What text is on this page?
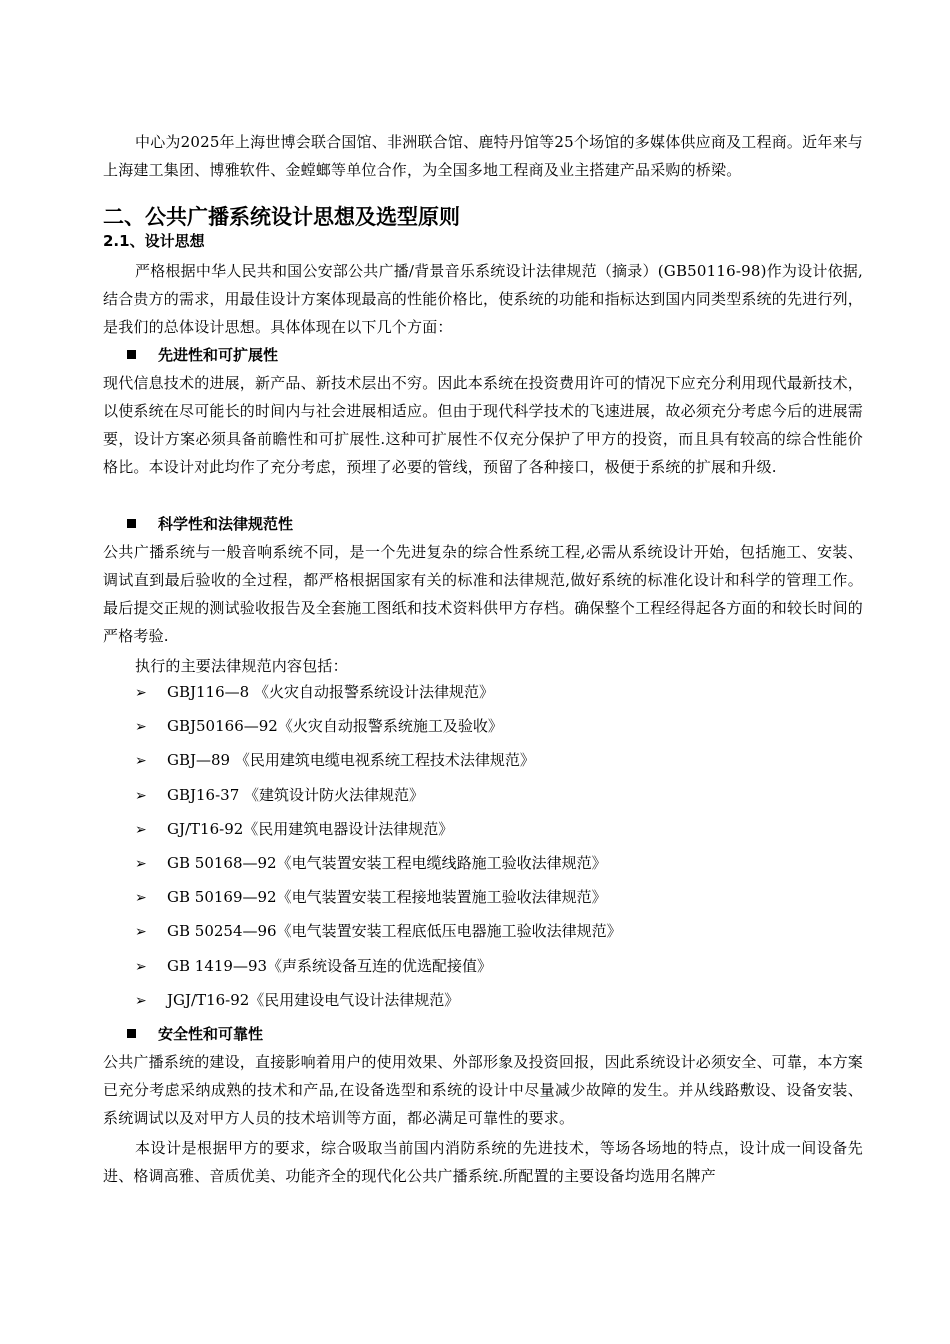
中心为2025年上海世博会联合国馆、非洲联合馆、鹿特丹馆等25个场馆的多媒体供应商及工程商。近年来与上海建工集团、博雅软件、金螳螂等单位合作，为全国多地工程商及业主搭建产品采购的桥梁。
二、公共广播系统设计思想及选型原则
2.1、设计思想
严格根据中华人民共和国公安部公共广播/背景音乐系统设计法律规范（摘录）(GB50116-98)作为设计依据,结合贵方的需求，用最佳设计方案体现最高的性能价格比，使系统的功能和指标达到国内同类型系统的先进行列，是我们的总体设计思想。具体体现在以下几个方面：
先进性和可扩展性
现代信息技术的进展，新产品、新技术层出不穷。因此本系统在投资费用许可的情况下应充分利用现代最新技术，以使系统在尽可能长的时间内与社会进展相适应。但由于现代科学技术的飞速进展，故必须充分考虑今后的进展需要，设计方案必须具备前瞻性和可扩展性.这种可扩展性不仅充分保护了甲方的投资，而且具有较高的综合性能价格比。本设计对此均作了充分考虑，预埋了必要的管线，预留了各种接口，极便于系统的扩展和升级.
科学性和法律规范性
公共广播系统与一般音响系统不同，是一个先进复杂的综合性系统工程,必需从系统设计开始，包括施工、安装、调试直到最后验收的全过程，都严格根据国家有关的标准和法律规范,做好系统的标准化设计和科学的管理工作。最后提交正规的测试验收报告及全套施工图纸和技术资料供甲方存档。确保整个工程经得起各方面的和较长时间的严格考验.
执行的主要法律规范内容包括：
➢ GBJ116—8 《火灾自动报警系统设计法律规范》
➢ GBJ50166—92《火灾自动报警系统施工及验收》
➢ GBJ—89 《民用建筑电缆电视系统工程技术法律规范》
➢ GBJ16-37 《建筑设计防火法律规范》
➢ GJ/T16-92《民用建筑电器设计法律规范》
➢ GB 50168—92《电气装置安装工程电缆线路施工验收法律规范》
➢ GB 50169—92《电气装置安装工程接地装置施工验收法律规范》
➢ GB 50254—96《电气装置安装工程底低压电器施工验收法律规范》
➢ GB 1419—93《声系统设备互连的优选配接值》
➢ JGJ/T16-92《民用建设电气设计法律规范》
安全性和可靠性
公共广播系统的建设，直接影响着用户的使用效果、外部形象及投资回报，因此系统设计必须安全、可靠，本方案已充分考虑采纳成熟的技术和产品,在设备选型和系统的设计中尽量减少故障的发生。并从线路敷设、设备安装、系统调试以及对甲方人员的技术培训等方面，都必满足可靠性的要求。
本设计是根据甲方的要求，综合吸取当前国内消防系统的先进技术，等场各场地的特点，设计成一间设备先进、格调高雅、音质优美、功能齐全的现代化公共广播系统.所配置的主要设备均选用名牌产
